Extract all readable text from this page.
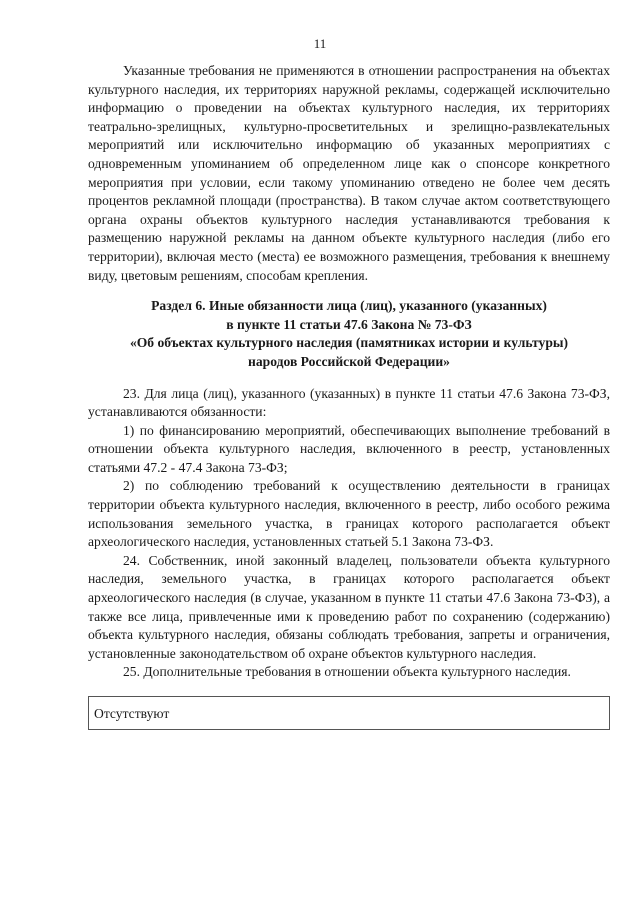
11

Указанные требования не применяются в отношении распространения на объектах культурного наследия, их территориях наружной рекламы, содержащей исключительно информацию о проведении на объектах культурного наследия, их территориях театрально-зрелищных, культурно-просветительных и зрелищно-развлекательных мероприятий или исключительно информацию об указанных мероприятиях с одновременным упоминанием об определенном лице как о спонсоре конкретного мероприятия при условии, если такому упоминанию отведено не более чем десять процентов рекламной площади (пространства). В таком случае актом соответствующего органа охраны объектов культурного наследия устанавливаются требования к размещению наружной рекламы на данном объекте культурного наследия (либо его территории), включая место (места) ее возможного размещения, требования к внешнему виду, цветовым решениям, способам крепления.

Раздел 6. Иные обязанности лица (лиц), указанного (указанных)
в пункте 11 статьи 47.6 Закона № 73-ФЗ
«Об объектах культурного наследия (памятниках истории и культуры)
народов Российской Федерации»

23. Для лица (лиц), указанного (указанных) в пункте 11 статьи 47.6 Закона 73-ФЗ, устанавливаются обязанности:

1) по финансированию мероприятий, обеспечивающих выполнение требований в отношении объекта культурного наследия, включенного в реестр, установленных статьями 47.2 - 47.4 Закона 73-ФЗ;

2) по соблюдению требований к осуществлению деятельности в границах территории объекта культурного наследия, включенного в реестр, либо особого режима использования земельного участка, в границах которого располагается объект археологического наследия, установленных статьей 5.1 Закона 73-ФЗ.

24. Собственник, иной законный владелец, пользователи объекта культурного наследия, земельного участка, в границах которого располагается объект археологического наследия (в случае, указанном в пункте 11 статьи 47.6 Закона 73-ФЗ), а также все лица, привлеченные ими к проведению работ по сохранению (содержанию) объекта культурного наследия, обязаны соблюдать требования, запреты и ограничения, установленные законодательством об охране объектов культурного наследия.

25. Дополнительные требования в отношении объекта культурного наследия.

Отсутствуют
